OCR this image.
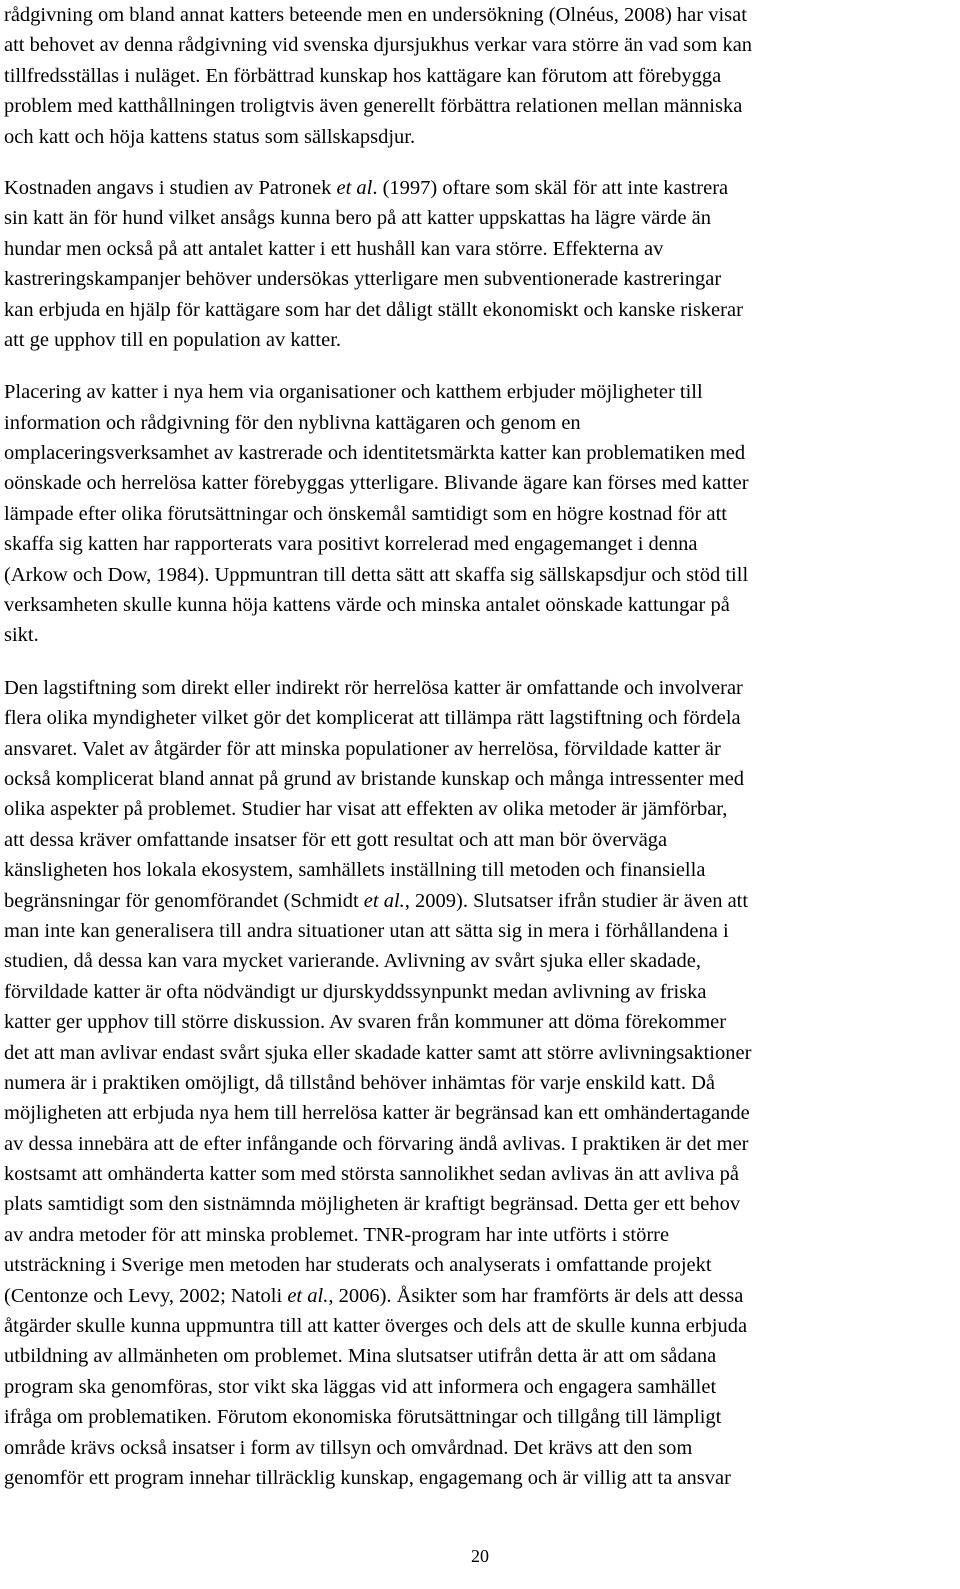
rådgivning om bland annat katters beteende men en undersökning (Olnéus, 2008) har visat
att behovet av denna rådgivning vid svenska djursjukhus verkar vara större än vad som kan
tillfredsställas i nuläget. En förbättrad kunskap hos kattägare kan förutom att förebygga
problem med katthållningen troligtvis även generellt förbättra relationen mellan människa
och katt och höja kattens status som sällskapsdjur.
Kostnaden angavs i studien av Patronek et al. (1997) oftare som skäl för att inte kastrera
sin katt än för hund vilket ansågs kunna bero på att katter uppskattas ha lägre värde än
hundar men också på att antalet katter i ett hushåll kan vara större. Effekterna av
kastreringskampanjer behöver undersökas ytterligare men subventionerade kastreringar
kan erbjuda en hjälp för kattägare som har det dåligt ställt ekonomiskt och kanske riskerar
att ge upphov till en population av katter.
Placering av katter i nya hem via organisationer och katthem erbjuder möjligheter till
information och rådgivning för den nyblivna kattägaren och genom en
omplaceringsverksamhet av kastrerade och identitetsmärkta katter kan problematiken med
oönskade och herrelösa katter förebyggas ytterligare. Blivande ägare kan förses med katter
lämpade efter olika förutsättningar och önskemål samtidigt som en högre kostnad för att
skaffa sig katten har rapporterats vara positivt korrelerad med engagemanget i denna
(Arkow och Dow, 1984). Uppmuntran till detta sätt att skaffa sig sällskapsdjur och stöd till
verksamheten skulle kunna höja kattens värde och minska antalet oönskade kattungar på
sikt.
Den lagstiftning som direkt eller indirekt rör herrelösa katter är omfattande och involverar
flera olika myndigheter vilket gör det komplicerat att tillämpa rätt lagstiftning och fördela
ansvaret. Valet av åtgärder för att minska populationer av herrelösa, förvildade katter är
också komplicerat bland annat på grund av bristande kunskap och många intressenter med
olika aspekter på problemet. Studier har visat att effekten av olika metoder är jämförbar,
att dessa kräver omfattande insatser för ett gott resultat och att man bör överväga
känsligheten hos lokala ekosystem, samhällets inställning till metoden och finansiella
begränsningar för genomförandet (Schmidt et al., 2009). Slutsatser ifrån studier är även att
man inte kan generalisera till andra situationer utan att sätta sig in mera i förhållandena i
studien, då dessa kan vara mycket varierande. Avlivning av svårt sjuka eller skadade,
förvildade katter är ofta nödvändigt ur djurskyddssynpunkt medan avlivning av friska
katter ger upphov till större diskussion. Av svaren från kommuner att döma förekommer
det att man avlivar endast svårt sjuka eller skadade katter samt att större avlivningsaktioner
numera är i praktiken omöjligt, då tillstånd behöver inhämtas för varje enskild katt. Då
möjligheten att erbjuda nya hem till herrelösa katter är begränsad kan ett omhändertagande
av dessa innebära att de efter infångande och förvaring ändå avlivas. I praktiken är det mer
kostsamt att omhänderta katter som med största sannolikhet sedan avlivas än att avliva på
plats samtidigt som den sistnämnda möjligheten är kraftigt begränsad. Detta ger ett behov
av andra metoder för att minska problemet. TNR-program har inte utförts i större
utsträckning i Sverige men metoden har studerats och analyserats i omfattande projekt
(Centonze och Levy, 2002; Natoli et al., 2006). Åsikter som har framförts är dels att dessa
åtgärder skulle kunna uppmuntra till att katter överges och dels att de skulle kunna erbjuda
utbildning av allmänheten om problemet. Mina slutsatser utifrån detta är att om sådana
program ska genomföras, stor vikt ska läggas vid att informera och engagera samhället
ifråga om problematiken. Förutom ekonomiska förutsättningar och tillgång till lämpligt
område krävs också insatser i form av tillsyn och omvårdnad. Det krävs att den som
genomför ett program innehar tillräcklig kunskap, engagemang och är villig att ta ansvar
20
